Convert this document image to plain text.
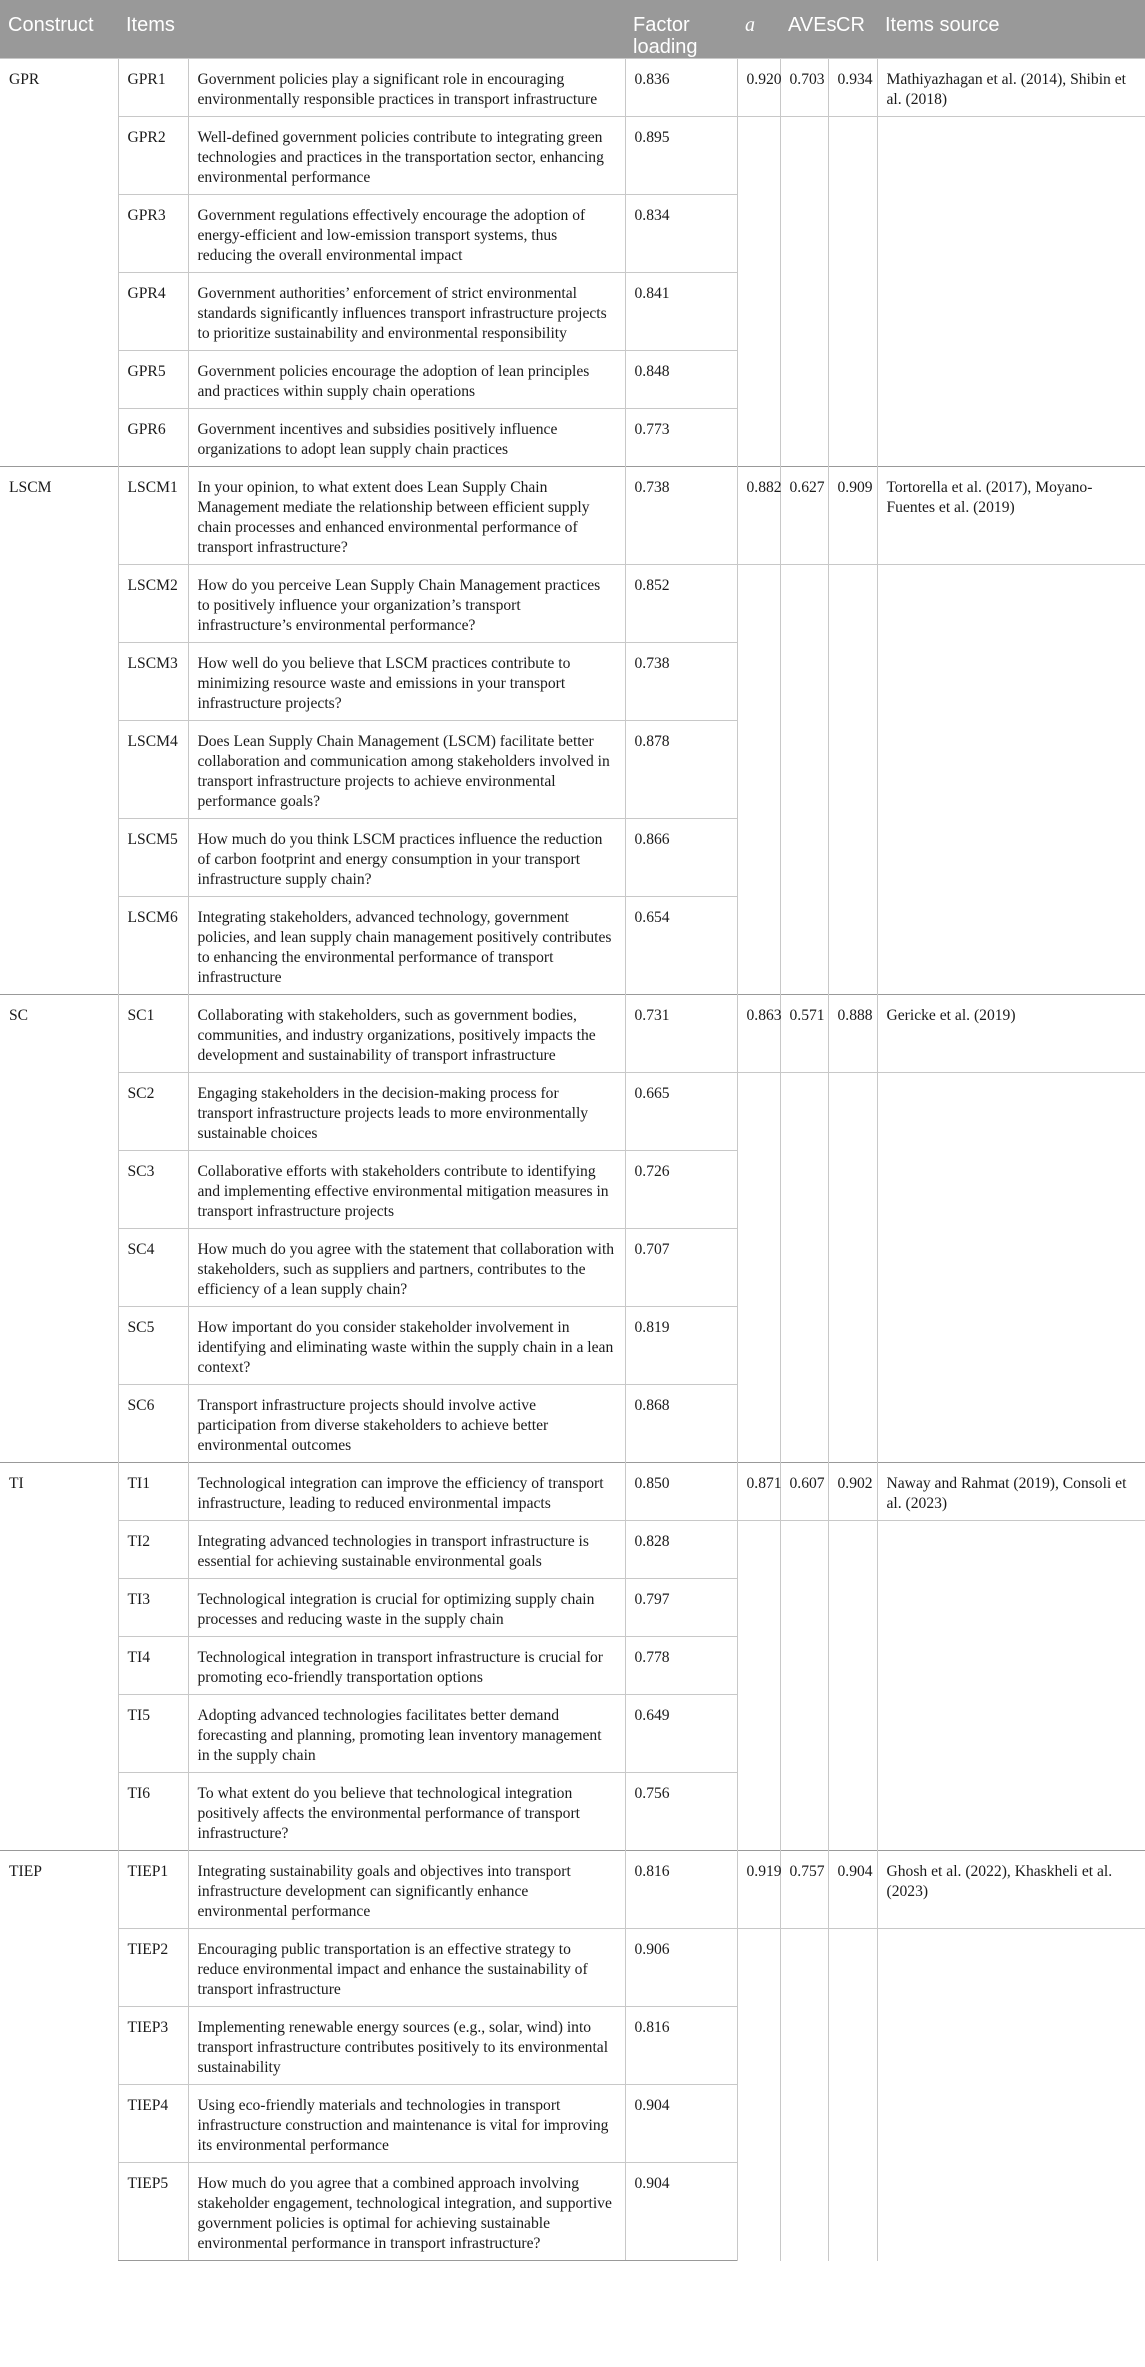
Construct	Items		Factor loading	a	AVEs	CR	Items source
GPR	GPR1	Government policies play a significant role in encouraging environmentally responsible practices in transport infrastructure	0.836	0.920	0.703	0.934	Mathiyazhagan et al. (2014), Shibin et al. (2018)
	GPR2	Well-defined government policies contribute to integrating green technologies and practices in the transportation sector, enhancing environmental performance	0.895				
	GPR3	Government regulations effectively encourage the adoption of energy-efficient and low-emission transport systems, thus reducing the overall environmental impact	0.834				
	GPR4	Government authorities’ enforcement of strict environmental standards significantly influences transport infrastructure projects to prioritize sustainability and environmental responsibility	0.841				
	GPR5	Government policies encourage the adoption of lean principles and practices within supply chain operations	0.848				
	GPR6	Government incentives and subsidies positively influence organizations to adopt lean supply chain practices	0.773				
LSCM	LSCM1	In your opinion, to what extent does Lean Supply Chain Management mediate the relationship between efficient supply chain processes and enhanced environmental performance of transport infrastructure?	0.738	0.882	0.627	0.909	Tortorella et al. (2017), Moyano-Fuentes et al. (2019)
	LSCM2	How do you perceive Lean Supply Chain Management practices to positively influence your organization’s transport infrastructure’s environmental performance?	0.852				
	LSCM3	How well do you believe that LSCM practices contribute to minimizing resource waste and emissions in your transport infrastructure projects?	0.738				
	LSCM4	Does Lean Supply Chain Management (LSCM) facilitate better collaboration and communication among stakeholders involved in transport infrastructure projects to achieve environmental performance goals?	0.878				
	LSCM5	How much do you think LSCM practices influence the reduction of carbon footprint and energy consumption in your transport infrastructure supply chain?	0.866				
	LSCM6	Integrating stakeholders, advanced technology, government policies, and lean supply chain management positively contributes to enhancing the environmental performance of transport infrastructure	0.654				
SC	SC1	Collaborating with stakeholders, such as government bodies, communities, and industry organizations, positively impacts the development and sustainability of transport infrastructure	0.731	0.863	0.571	0.888	Gericke et al. (2019)
	SC2	Engaging stakeholders in the decision-making process for transport infrastructure projects leads to more environmentally sustainable choices	0.665				
	SC3	Collaborative efforts with stakeholders contribute to identifying and implementing effective environmental mitigation measures in transport infrastructure projects	0.726				
	SC4	How much do you agree with the statement that collaboration with stakeholders, such as suppliers and partners, contributes to the efficiency of a lean supply chain?	0.707				
	SC5	How important do you consider stakeholder involvement in identifying and eliminating waste within the supply chain in a lean context?	0.819				
	SC6	Transport infrastructure projects should involve active participation from diverse stakeholders to achieve better environmental outcomes	0.868				
TI	TI1	Technological integration can improve the efficiency of transport infrastructure, leading to reduced environmental impacts	0.850	0.871	0.607	0.902	Naway and Rahmat (2019), Consoli et al. (2023)
	TI2	Integrating advanced technologies in transport infrastructure is essential for achieving sustainable environmental goals	0.828				
	TI3	Technological integration is crucial for optimizing supply chain processes and reducing waste in the supply chain	0.797				
	TI4	Technological integration in transport infrastructure is crucial for promoting eco-friendly transportation options	0.778				
	TI5	Adopting advanced technologies facilitates better demand forecasting and planning, promoting lean inventory management in the supply chain	0.649				
	TI6	To what extent do you believe that technological integration positively affects the environmental performance of transport infrastructure?	0.756				
TIEP	TIEP1	Integrating sustainability goals and objectives into transport infrastructure development can significantly enhance environmental performance	0.816	0.919	0.757	0.904	Ghosh et al. (2022), Khaskheli et al. (2023)
	TIEP2	Encouraging public transportation is an effective strategy to reduce environmental impact and enhance the sustainability of transport infrastructure	0.906				
	TIEP3	Implementing renewable energy sources (e.g., solar, wind) into transport infrastructure contributes positively to its environmental sustainability	0.816				
	TIEP4	Using eco-friendly materials and technologies in transport infrastructure construction and maintenance is vital for improving its environmental performance	0.904				
	TIEP5	How much do you agree that a combined approach involving stakeholder engagement, technological integration, and supportive government policies is optimal for achieving sustainable environmental performance in transport infrastructure?	0.904				
